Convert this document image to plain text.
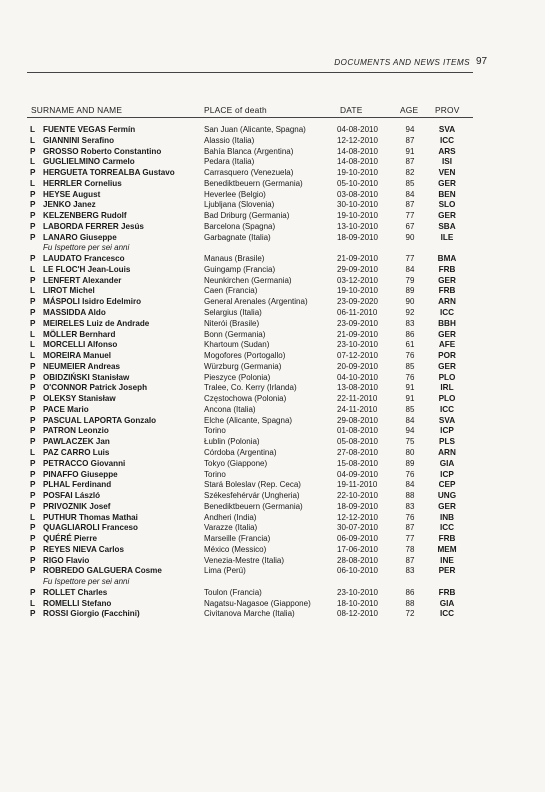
DOCUMENTS AND NEWS ITEMS 97
SURNAME AND NAME	PLACE of death	DATE	AGE PROV
L FUENTE VEGAS Fermín	San Juan (Alicante, Spagna)	04-08-2010	94	SVA
L GIANNINI Serafino	Alassio (Italia)	12-12-2010	87	ICC
P GROSSO Roberto Constantino	Bahía Blanca (Argentina)	14-08-2010	91	ARS
L GUGLIELMINO Carmelo	Pedara (Italia)	14-08-2010	87	ISI
P HERGUETA TORREALBA Gustavo	Carrasquero (Venezuela)	19-10-2010	82	VEN
L HERRLER Cornelius	Benediktbeuern (Germania)	05-10-2010	85	GER
P HEYSE August	Heverlee (Belgio)	03-08-2010	84	BEN
P JENKO Janez	Ljubljana (Slovenia)	30-10-2010	87	SLO
P KELZENBERG Rudolf	Bad Driburg (Germania)	19-10-2010	77	GER
P LABORDA FERRER Jesús	Barcelona (Spagna)	13-10-2010	67	SBA
P LANARO Giuseppe	Garbagnate (Italia)	18-09-2010	90	ILE
Fu Ispettore per sei anni
P LAUDATO Francesco	Manaus (Brasile)	21-09-2010	77	BMA
L LE FLOC'H Jean-Louis	Guingamp (Francia)	29-09-2010	84	FRB
P LENFERT Alexander	Neunkirchen (Germania)	03-12-2010	79	GER
L LIROT Michel	Caen (Francia)	19-10-2010	89	FRB
P MÁSPOLI Isidro Edelmiro	General Arenales (Argentina)	23-09-2020	90	ARN
P MASSIDDA Aldo	Selargius (Italia)	06-11-2010	92	ICC
P MEIRELES Luiz de Andrade	Niterói (Brasile)	23-09-2010	83	BBH
L MÖLLER Bernhard	Bonn (Germania)	21-09-2010	86	GER
L MORCELLI Alfonso	Khartoum (Sudan)	23-10-2010	61	AFE
L MOREIRA Manuel	Mogofores (Portogallo)	07-12-2010	76	POR
P NEUMEIER Andreas	Würzburg (Germania)	20-09-2010	85	GER
P OBIDZIŃSKI Stanisław	Pieszyce (Polonia)	04-10-2010	76	PLO
P O'CONNOR Patrick Joseph	Tralee, Co. Kerry (Irlanda)	13-08-2010	91	IRL
P OLEKSY Stanisław	Częstochowa (Polonia)	22-11-2010	91	PLO
P PACE Mario	Ancona (Italia)	24-11-2010	85	ICC
P PASCUAL LAPORTA Gonzalo	Elche (Alicante, Spagna)	29-08-2010	84	SVA
P PATRON Leonzio	Torino	01-08-2010	94	ICP
P PAWLACZEK Jan	Łublin (Polonia)	05-08-2010	75	PLS
L PAZ CARRO Luis	Córdoba (Argentina)	27-08-2010	80	ARN
P PETRACCO Giovanni	Tokyo (Giappone)	15-08-2010	89	GIA
P PINAFFO Giuseppe	Torino	04-09-2010	76	ICP
P PLHAL Ferdinand	Stará Boleslav (Rep. Ceca)	19-11-2010	84	CEP
P POSFAI László	Székesfehérvár (Ungheria)	22-10-2010	88	UNG
P PRIVOZNIK Josef	Benediktbeuern (Germania)	18-09-2010	83	GER
L PUTHUR Thomas Mathai	Andheri (India)	12-12-2010	76	INB
P QUAGLIAROLI Franceso	Varazze (Italia)	30-07-2010	87	ICC
P QUÉRÉ Pierre	Marseille (Francia)	06-09-2010	77	FRB
P REYES NIEVA Carlos	México (Messico)	17-06-2010	78	MEM
P RIGO Flavio	Venezia-Mestre (Italia)	28-08-2010	87	INE
P ROBREDO GALGUERA Cosme	Lima (Perú)	06-10-2010	83	PER
Fu Ispettore per sei anni
P ROLLET Charles	Toulon (Francia)	23-10-2010	86	FRB
L ROMELLI Stefano	Nagatsu-Nagasoe (Giappone)	18-10-2010	88	GIA
P ROSSI Giorgio (Facchini)	Civitanova Marche (Italia)	08-12-2010	72	ICC
